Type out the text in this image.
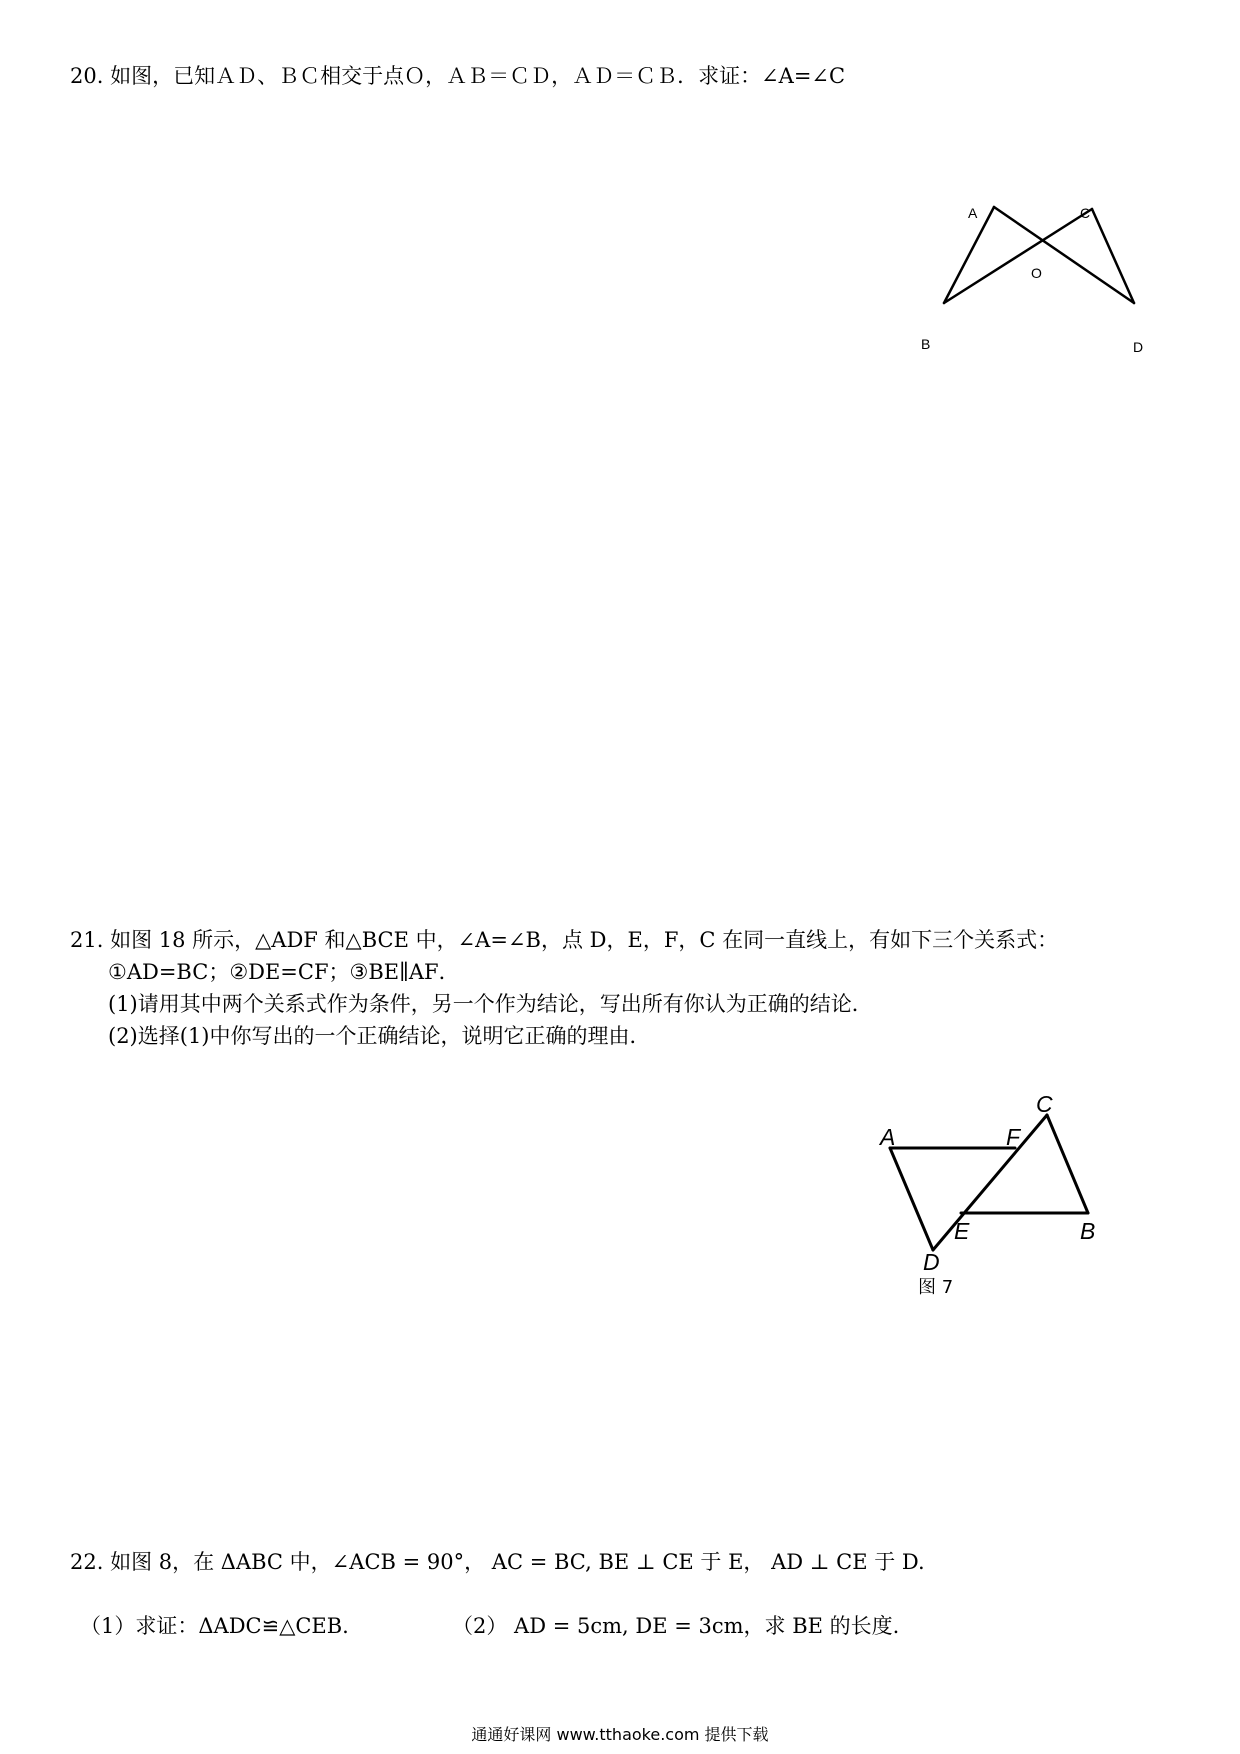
20. 如图，已知ＡＤ、ＢＣ相交于点Ｏ，ＡＢ＝ＣＤ，ＡＤ＝ＣＢ．求证：∠A=∠C
A	C
O
B	D
21. 如图 18 所示，△ADF 和△BCE 中，∠A=∠B，点 D，E，F，C 在同一直线上，有如下三个关系式：
①AD=BC；②DE=CF；③BE∥AF．
(1)请用其中两个关系式作为条件，另一个作为结论，写出所有你认为正确的结论．
(2)选择(1)中你写出的一个正确结论，说明它正确的理由．
C
A	F
E	B
D
图 7
22. 如图 8，在 ΔABC 中，∠ACB = 90°， AC = BC, BE ⊥ CE 于 E， AD ⊥ CE 于 D.
（1）求证：ΔADC≌△CEB.	（2） AD = 5cm, DE = 3cm，求 BE 的长度.
通通好课网 www.tthaoke.com 提供下载
